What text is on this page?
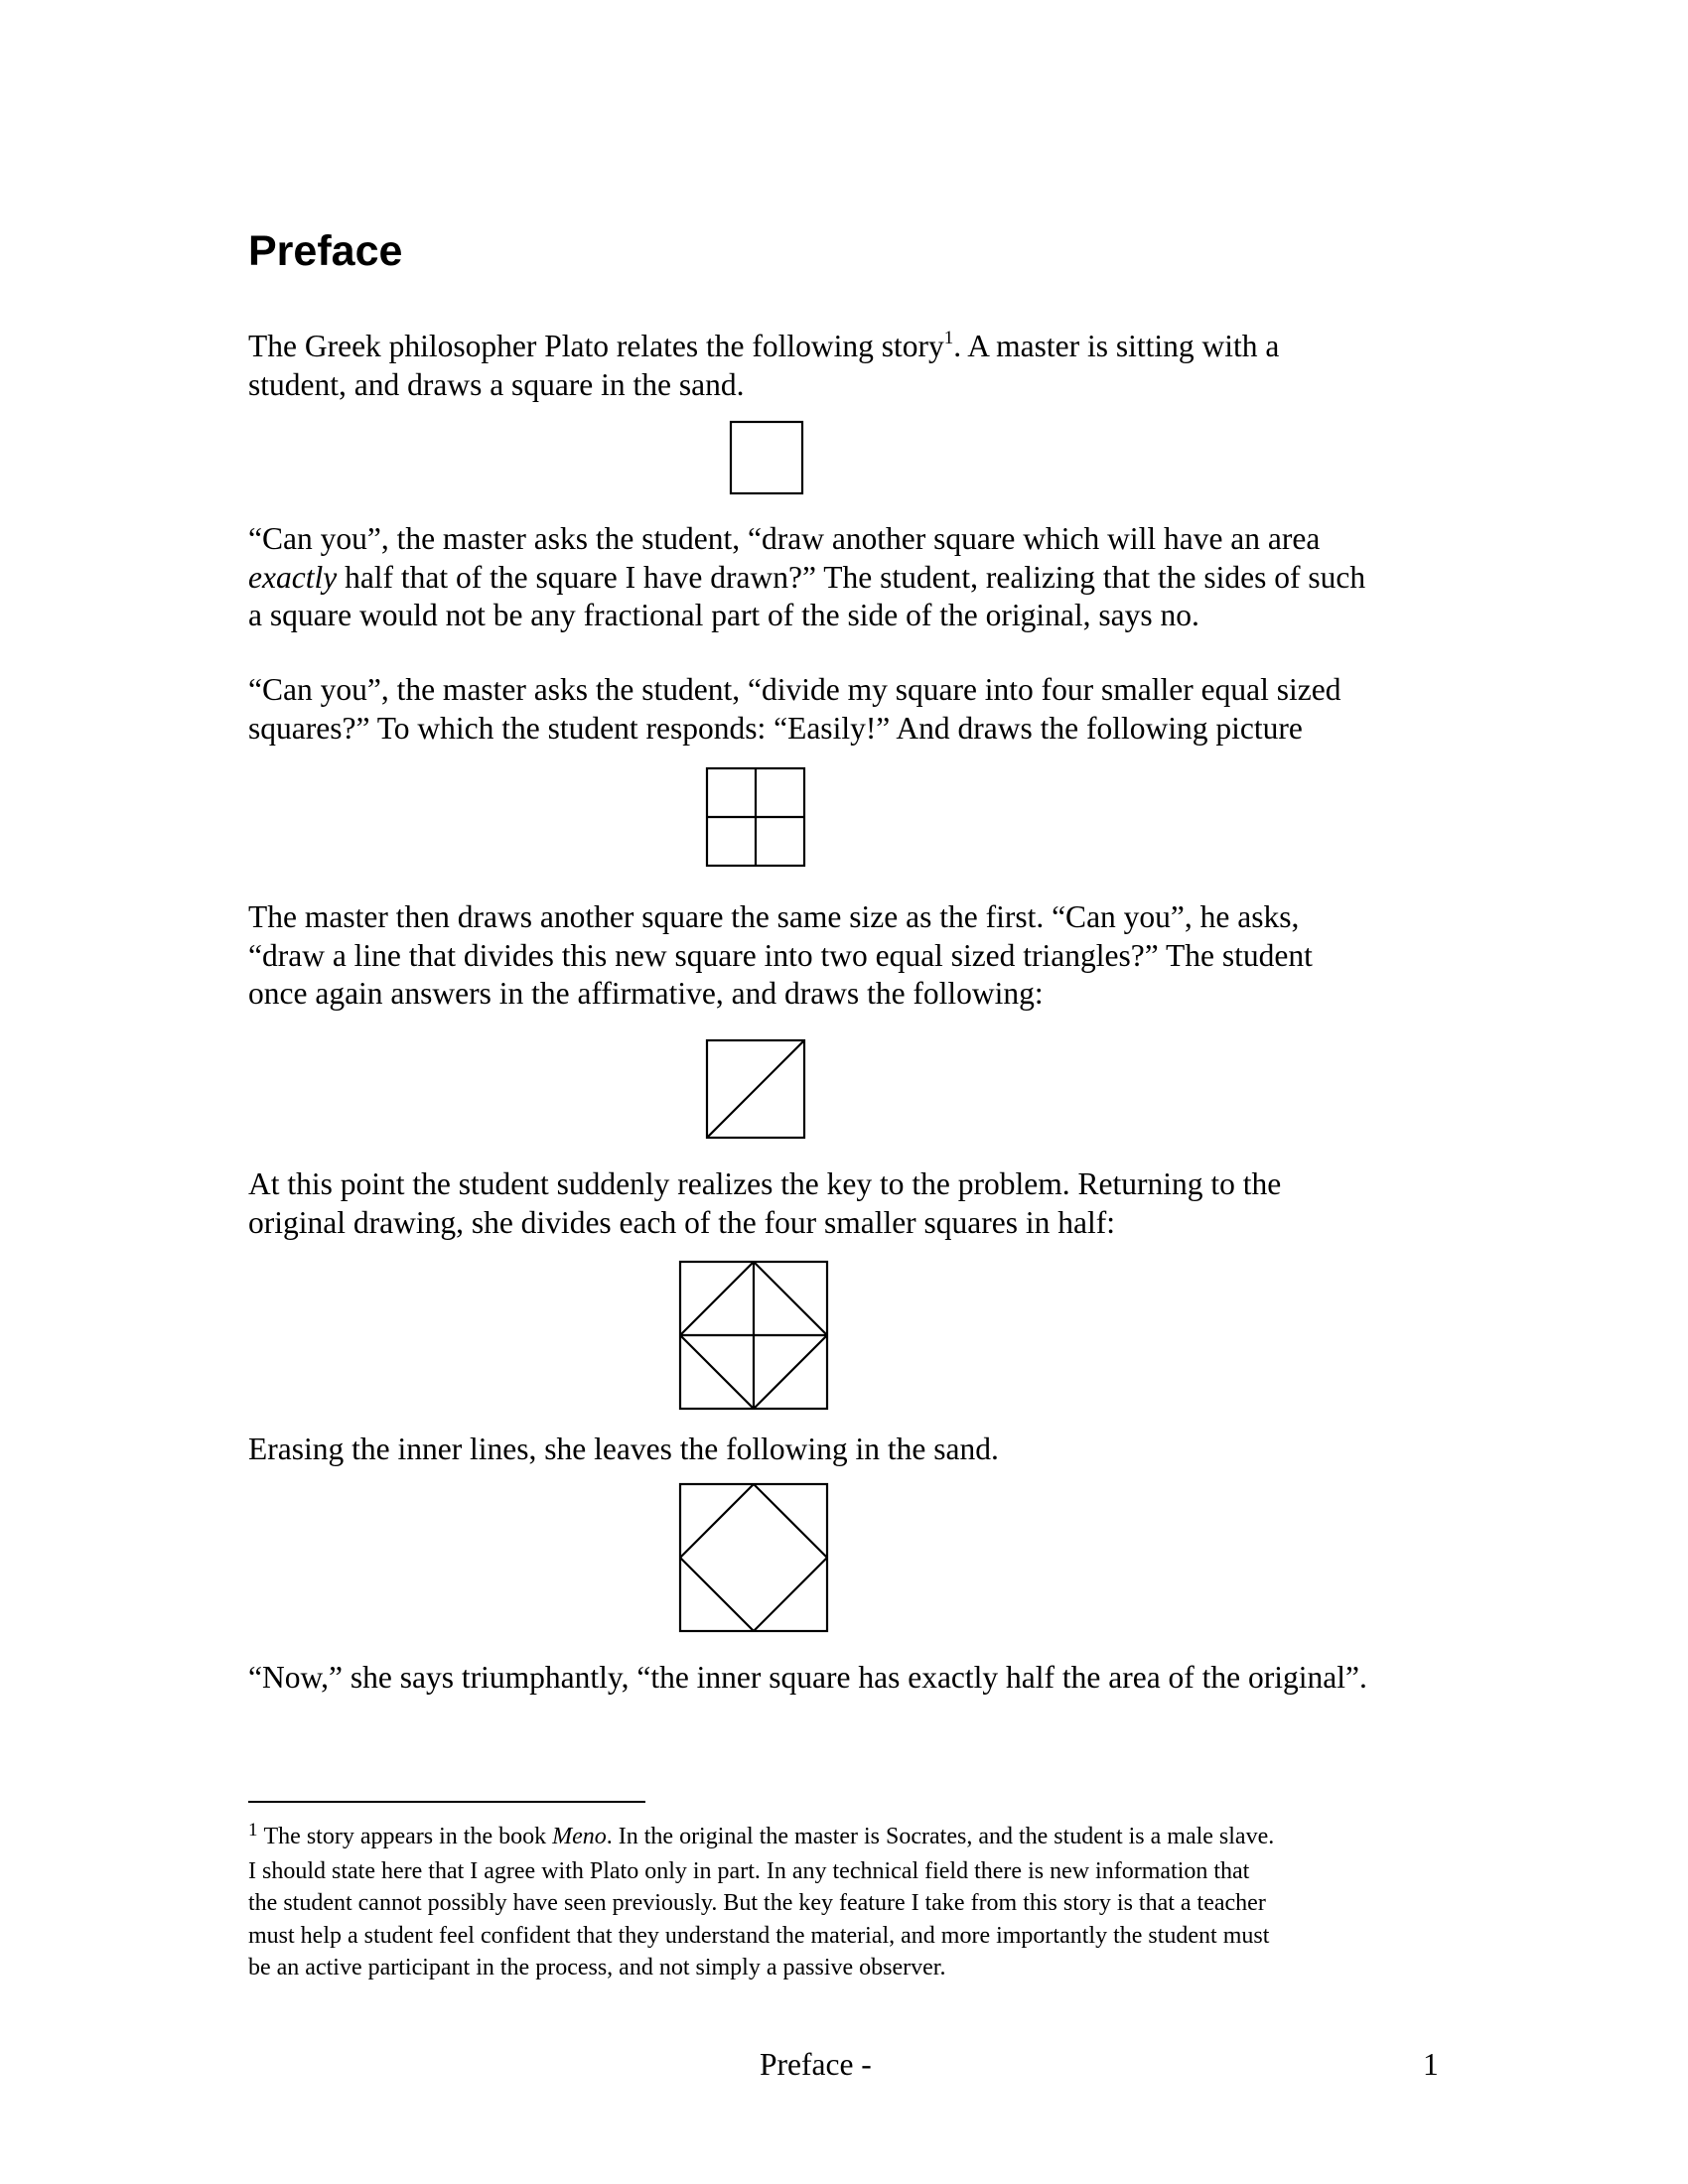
Preface

The Greek philosopher Plato relates the following story$^1$. A master is sitting with a
student, and draws a square in the sand.

“Can you”, the master asks the student, “draw another square which will have an area
exactly half that of the square I have drawn?” The student, realizing that the sides of such
a square would not be any fractional part of the side of the original, says no.

“Can you”, the master asks the student, “divide my square into four smaller equal sized
squares?” To which the student responds: “Easily!” And draws the following picture

The master then draws another square the same size as the first. “Can you”, he asks,
“draw a line that divides this new square into two equal sized triangles?” The student
once again answers in the affirmative, and draws the following:

At this point the student suddenly realizes the key to the problem. Returning to the
original drawing, she divides each of the four smaller squares in half:

Erasing the inner lines, she leaves the following in the sand.

“Now,” she says triumphantly, “the inner square has exactly half the area of the original”.

$^1$ The story appears in the book Meno. In the original the master is Socrates, and the student is a male slave.
I should state here that I agree with Plato only in part. In any technical field there is new information that
the student cannot possibly have seen previously. But the key feature I take from this story is that a teacher
must help a student feel confident that they understand the material, and more importantly the student must
be an active participant in the process, and not simply a passive observer.

Preface -	1
